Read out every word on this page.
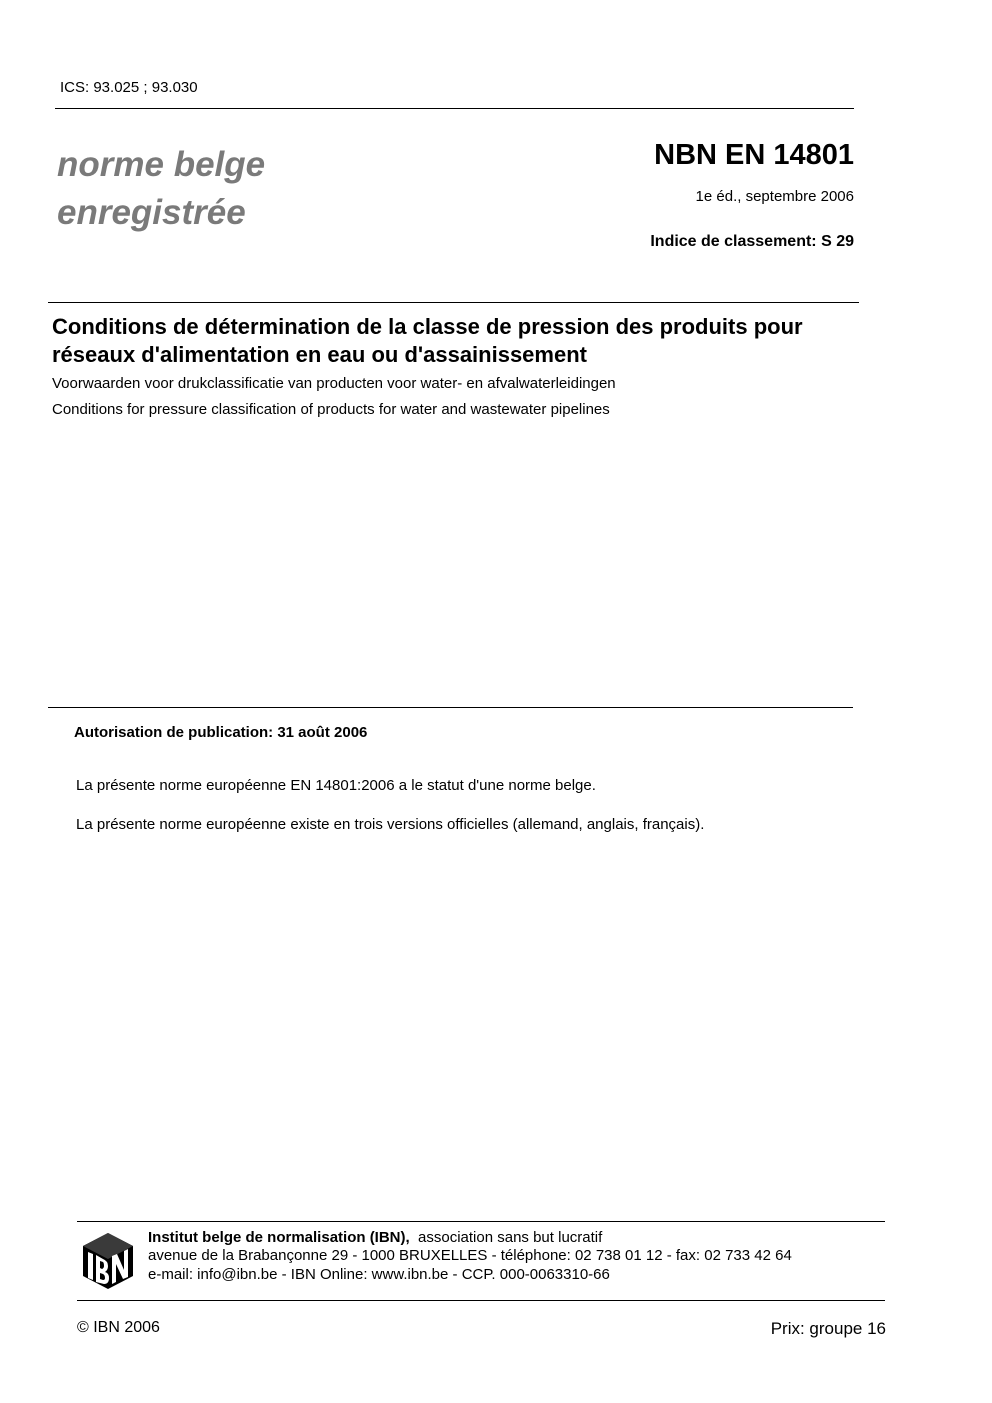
ICS: 93.025 ; 93.030
norme belge
enregistrée
NBN EN 14801
1e éd., septembre 2006
Indice de classement: S 29
Conditions de détermination de la classe de pression des produits pour
réseaux d'alimentation en eau ou d'assainissement
Voorwaarden voor drukclassificatie van producten voor water- en afvalwaterleidingen
Conditions for pressure classification of products for water and wastewater pipelines
Autorisation de publication: 31 août 2006
La présente norme européenne EN 14801:2006 a le statut d'une norme belge.
La présente norme européenne existe en trois versions officielles (allemand, anglais, français).
Institut belge de normalisation (IBN), association sans but lucratif
avenue de la Brabançonne 29 - 1000 BRUXELLES - téléphone: 02 738 01 12 - fax: 02 733 42 64
e-mail: info@ibn.be - IBN Online: www.ibn.be - CCP. 000-0063310-66
© IBN 2006	Prix: groupe 16
